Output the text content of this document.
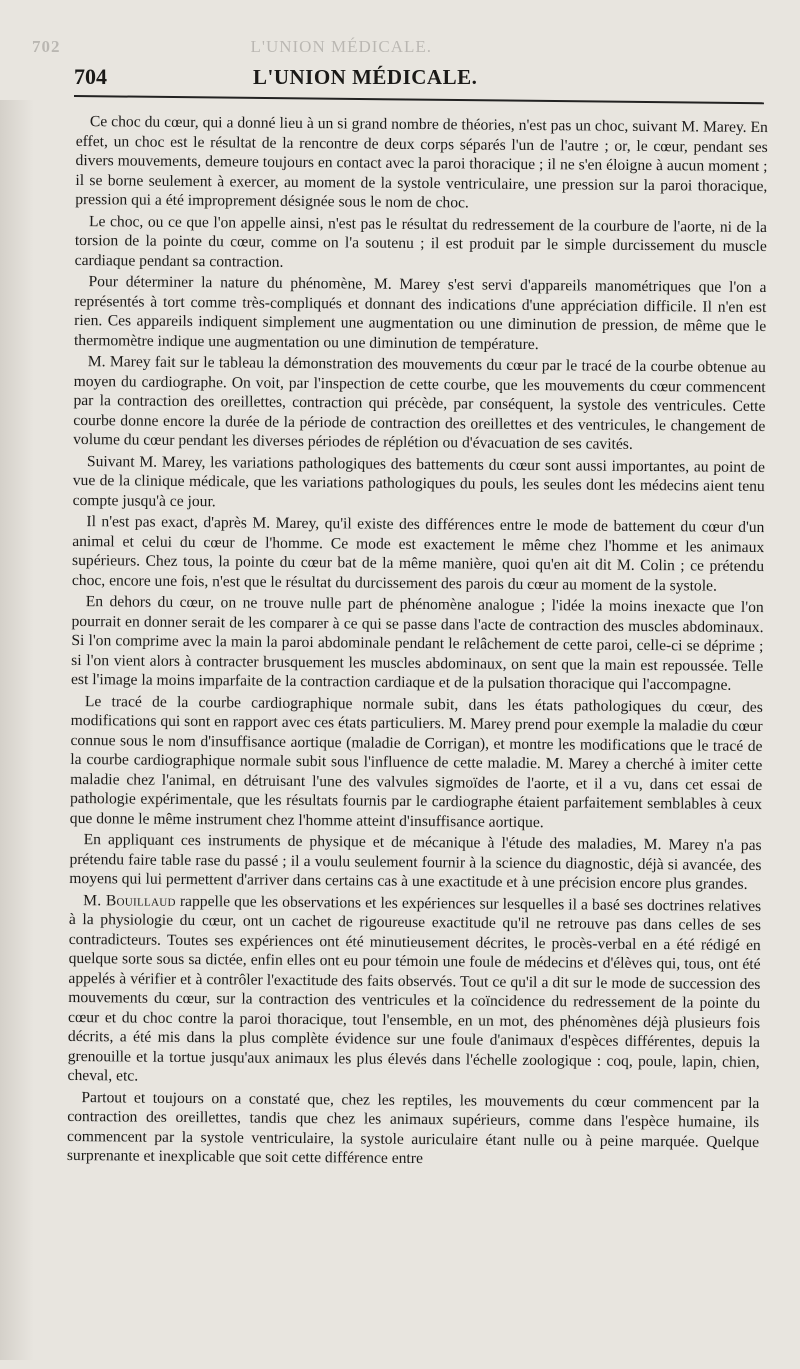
702	L'UNION MÉDICALE.
704	L'UNION MÉDICALE.

Ce choc du cœur, qui a donné lieu à un si grand nombre de théories, n'est pas un choc, suivant M. Marey. En effet, un choc est le résultat de la rencontre de deux corps séparés l'un de l'autre ; or, le cœur, pendant ses divers mouvements, demeure toujours en contact avec la paroi thoracique ; il ne s'en éloigne à aucun moment ; il se borne seulement à exercer, au moment de la systole ventriculaire, une pression sur la paroi thoracique, pression qui a été improprement désignée sous le nom de choc.

Le choc, ou ce que l'on appelle ainsi, n'est pas le résultat du redressement de la courbure de l'aorte, ni de la torsion de la pointe du cœur, comme on l'a soutenu ; il est produit par le simple durcissement du muscle cardiaque pendant sa contraction.

Pour déterminer la nature du phénomène, M. Marey s'est servi d'appareils manométriques que l'on a représentés à tort comme très-compliqués et donnant des indications d'une appréciation difficile. Il n'en est rien. Ces appareils indiquent simplement une augmentation ou une diminution de pression, de même que le thermomètre indique une augmentation ou une diminution de température.

M. Marey fait sur le tableau la démonstration des mouvements du cœur par le tracé de la courbe obtenue au moyen du cardiographe. On voit, par l'inspection de cette courbe, que les mouvements du cœur commencent par la contraction des oreillettes, contraction qui précède, par conséquent, la systole des ventricules. Cette courbe donne encore la durée de la période de contraction des oreillettes et des ventricules, le changement de volume du cœur pendant les diverses périodes de réplétion ou d'évacuation de ses cavités.

Suivant M. Marey, les variations pathologiques des battements du cœur sont aussi importantes, au point de vue de la clinique médicale, que les variations pathologiques du pouls, les seules dont les médecins aient tenu compte jusqu'à ce jour.

Il n'est pas exact, d'après M. Marey, qu'il existe des différences entre le mode de battement du cœur d'un animal et celui du cœur de l'homme. Ce mode est exactement le même chez l'homme et les animaux supérieurs. Chez tous, la pointe du cœur bat de la même manière, quoi qu'en ait dit M. Colin ; ce prétendu choc, encore une fois, n'est que le résultat du durcissement des parois du cœur au moment de la systole.

En dehors du cœur, on ne trouve nulle part de phénomène analogue ; l'idée la moins inexacte que l'on pourrait en donner serait de les comparer à ce qui se passe dans l'acte de contraction des muscles abdominaux. Si l'on comprime avec la main la paroi abdominale pendant le relâchement de cette paroi, celle-ci se déprime ; si l'on vient alors à contracter brusquement les muscles abdominaux, on sent que la main est repoussée. Telle est l'image la moins imparfaite de la contraction cardiaque et de la pulsation thoracique qui l'accompagne.

Le tracé de la courbe cardiographique normale subit, dans les états pathologiques du cœur, des modifications qui sont en rapport avec ces états particuliers. M. Marey prend pour exemple la maladie du cœur connue sous le nom d'insuffisance aortique (maladie de Corrigan), et montre les modifications que le tracé de la courbe cardiographique normale subit sous l'influence de cette maladie. M. Marey a cherché à imiter cette maladie chez l'animal, en détruisant l'une des valvules sigmoïdes de l'aorte, et il a vu, dans cet essai de pathologie expérimentale, que les résultats fournis par le cardiographe étaient parfaitement semblables à ceux que donne le même instrument chez l'homme atteint d'insuffisance aortique.

En appliquant ces instruments de physique et de mécanique à l'étude des maladies, M. Marey n'a pas prétendu faire table rase du passé ; il a voulu seulement fournir à la science du diagnostic, déjà si avancée, des moyens qui lui permettent d'arriver dans certains cas à une exactitude et à une précision encore plus grandes.

M. Bouillaud rappelle que les observations et les expériences sur lesquelles il a basé ses doctrines relatives à la physiologie du cœur, ont un cachet de rigoureuse exactitude qu'il ne retrouve pas dans celles de ses contradicteurs. Toutes ses expériences ont été minutieusement décrites, le procès-verbal en a été rédigé en quelque sorte sous sa dictée, enfin elles ont eu pour témoin une foule de médecins et d'élèves qui, tous, ont été appelés à vérifier et à contrôler l'exactitude des faits observés. Tout ce qu'il a dit sur le mode de succession des mouvements du cœur, sur la contraction des ventricules et la coïncidence du redressement de la pointe du cœur et du choc contre la paroi thoracique, tout l'ensemble, en un mot, des phénomènes déjà plusieurs fois décrits, a été mis dans la plus complète évidence sur une foule d'animaux d'espèces différentes, depuis la grenouille et la tortue jusqu'aux animaux les plus élevés dans l'échelle zoologique : coq, poule, lapin, chien, cheval, etc.

Partout et toujours on a constaté que, chez les reptiles, les mouvements du cœur commencent par la contraction des oreillettes, tandis que chez les animaux supérieurs, comme dans l'espèce humaine, ils commencent par la systole ventriculaire, la systole auriculaire étant nulle ou à peine marquée. Quelque surprenante et inexplicable que soit cette différence entre
